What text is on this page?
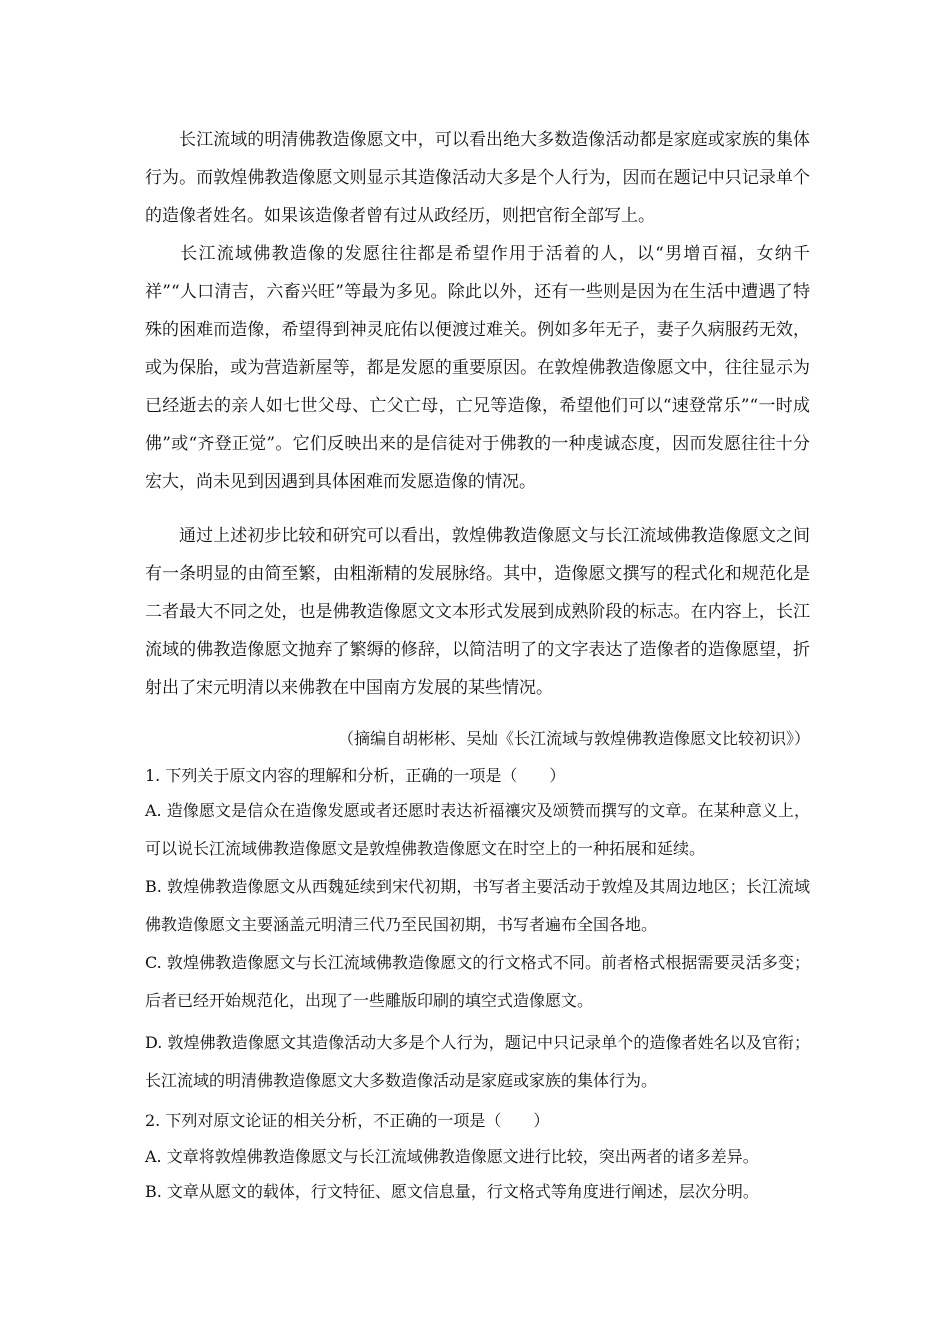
长江流域的明清佛教造像愿文中，可以看出绝大多数造像活动都是家庭或家族的集体行为。而敦煌佛教造像愿文则显示其造像活动大多是个人行为，因而在题记中只记录单个的造像者姓名。如果该造像者曾有过从政经历，则把官衔全部写上。

长江流域佛教造像的发愿往往都是希望作用于活着的人，以“男增百福，女纳千祥”“人口清吉，六畜兴旺”等最为多见。除此以外，还有一些则是因为在生活中遭遇了特殊的困难而造像，希望得到神灵庇佑以便渡过难关。例如多年无子，妻子久病服药无效，或为保胎，或为营造新屋等，都是发愿的重要原因。在敦煌佛教造像愿文中，往往显示为已经逝去的亲人如七世父母、亡父亡母，亡兄等造像，希望他们可以“速登常乐”“一时成佛”或“齐登正觉”。它们反映出来的是信徒对于佛教的一种虔诚态度，因而发愿往往十分宏大，尚未见到因遇到具体困难而发愿造像的情况。

通过上述初步比较和研究可以看出，敦煌佛教造像愿文与长江流域佛教造像愿文之间有一条明显的由简至繁，由粗渐精的发展脉络。其中，造像愿文撰写的程式化和规范化是二者最大不同之处，也是佛教造像愿文文本形式发展到成熟阶段的标志。在内容上，长江流域的佛教造像愿文抛弃了繁缛的修辞，以简洁明了的文字表达了造像者的造像愿望，折射出了宋元明清以来佛教在中国南方发展的某些情况。

（摘编自胡彬彬、吴灿《长江流域与敦煌佛教造像愿文比较初识》）
1. 下列关于原文内容的理解和分析，正确的一项是（　　）

A. 造像愿文是信众在造像发愿或者还愿时表达祈福禳灾及颂赞而撰写的文章。在某种意义上，可以说长江流域佛教造像愿文是敦煌佛教造像愿文在时空上的一种拓展和延续。

B. 敦煌佛教造像愿文从西魏延续到宋代初期，书写者主要活动于敦煌及其周边地区；长江流域佛教造像愿文主要涵盖元明清三代乃至民国初期，书写者遍布全国各地。

C. 敦煌佛教造像愿文与长江流域佛教造像愿文的行文格式不同。前者格式根据需要灵活多变；后者已经开始规范化，出现了一些雕版印刷的填空式造像愿文。

D. 敦煌佛教造像愿文其造像活动大多是个人行为，题记中只记录单个的造像者姓名以及官衔；长江流域的明清佛教造像愿文大多数造像活动是家庭或家族的集体行为。

2. 下列对原文论证的相关分析，不正确的一项是（　　）
A. 文章将敦煌佛教造像愿文与长江流域佛教造像愿文进行比较，突出两者的诸多差异。
B. 文章从愿文的载体，行文特征、愿文信息量，行文格式等角度进行阐述，层次分明。
